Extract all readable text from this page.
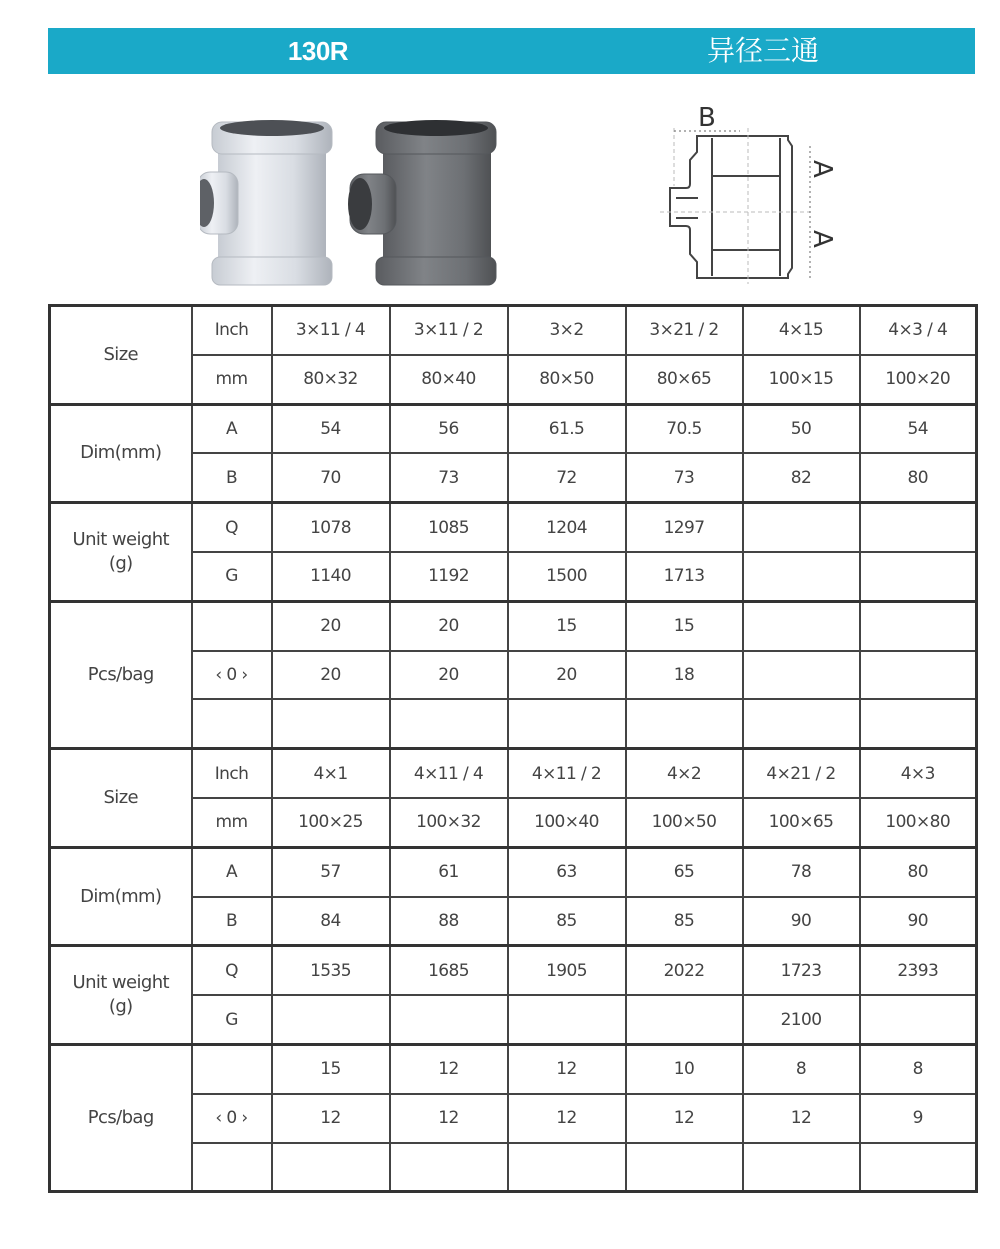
130R	异径三通
B
A
A
Size	Inch	3×11 / 4	3×11 / 2	3×2	3×21 / 2	4×15	4×3 / 4
	mm	80×32	80×40	80×50	80×65	100×15	100×20
Dim(mm)	A	54	56	61.5	70.5	50	54
	B	70	73	72	73	82	80

Unit weight
(g)	Q	1078	1085	1204	1297		
	G	1140	1192	1500	1713		
Pcs/bag		20	20	15	15		
	‹ 0 ›	20	20	20	18		

Size	Inch	4×1	4×11 / 4	4×11 / 2	4×2	4×21 / 2	4×3
	mm	100×25	100×32	100×40	100×50	100×65	100×80
Dim(mm)	A	57	61	63	65	78	80
	B	84	88	85	85	90	90

Unit weight
(g)	Q	1535	1685	1905	2022	1723	2393
	G					2100	
Pcs/bag		15	12	12	10	8	8
	‹ 0 ›	12	12	12	12	12	9
